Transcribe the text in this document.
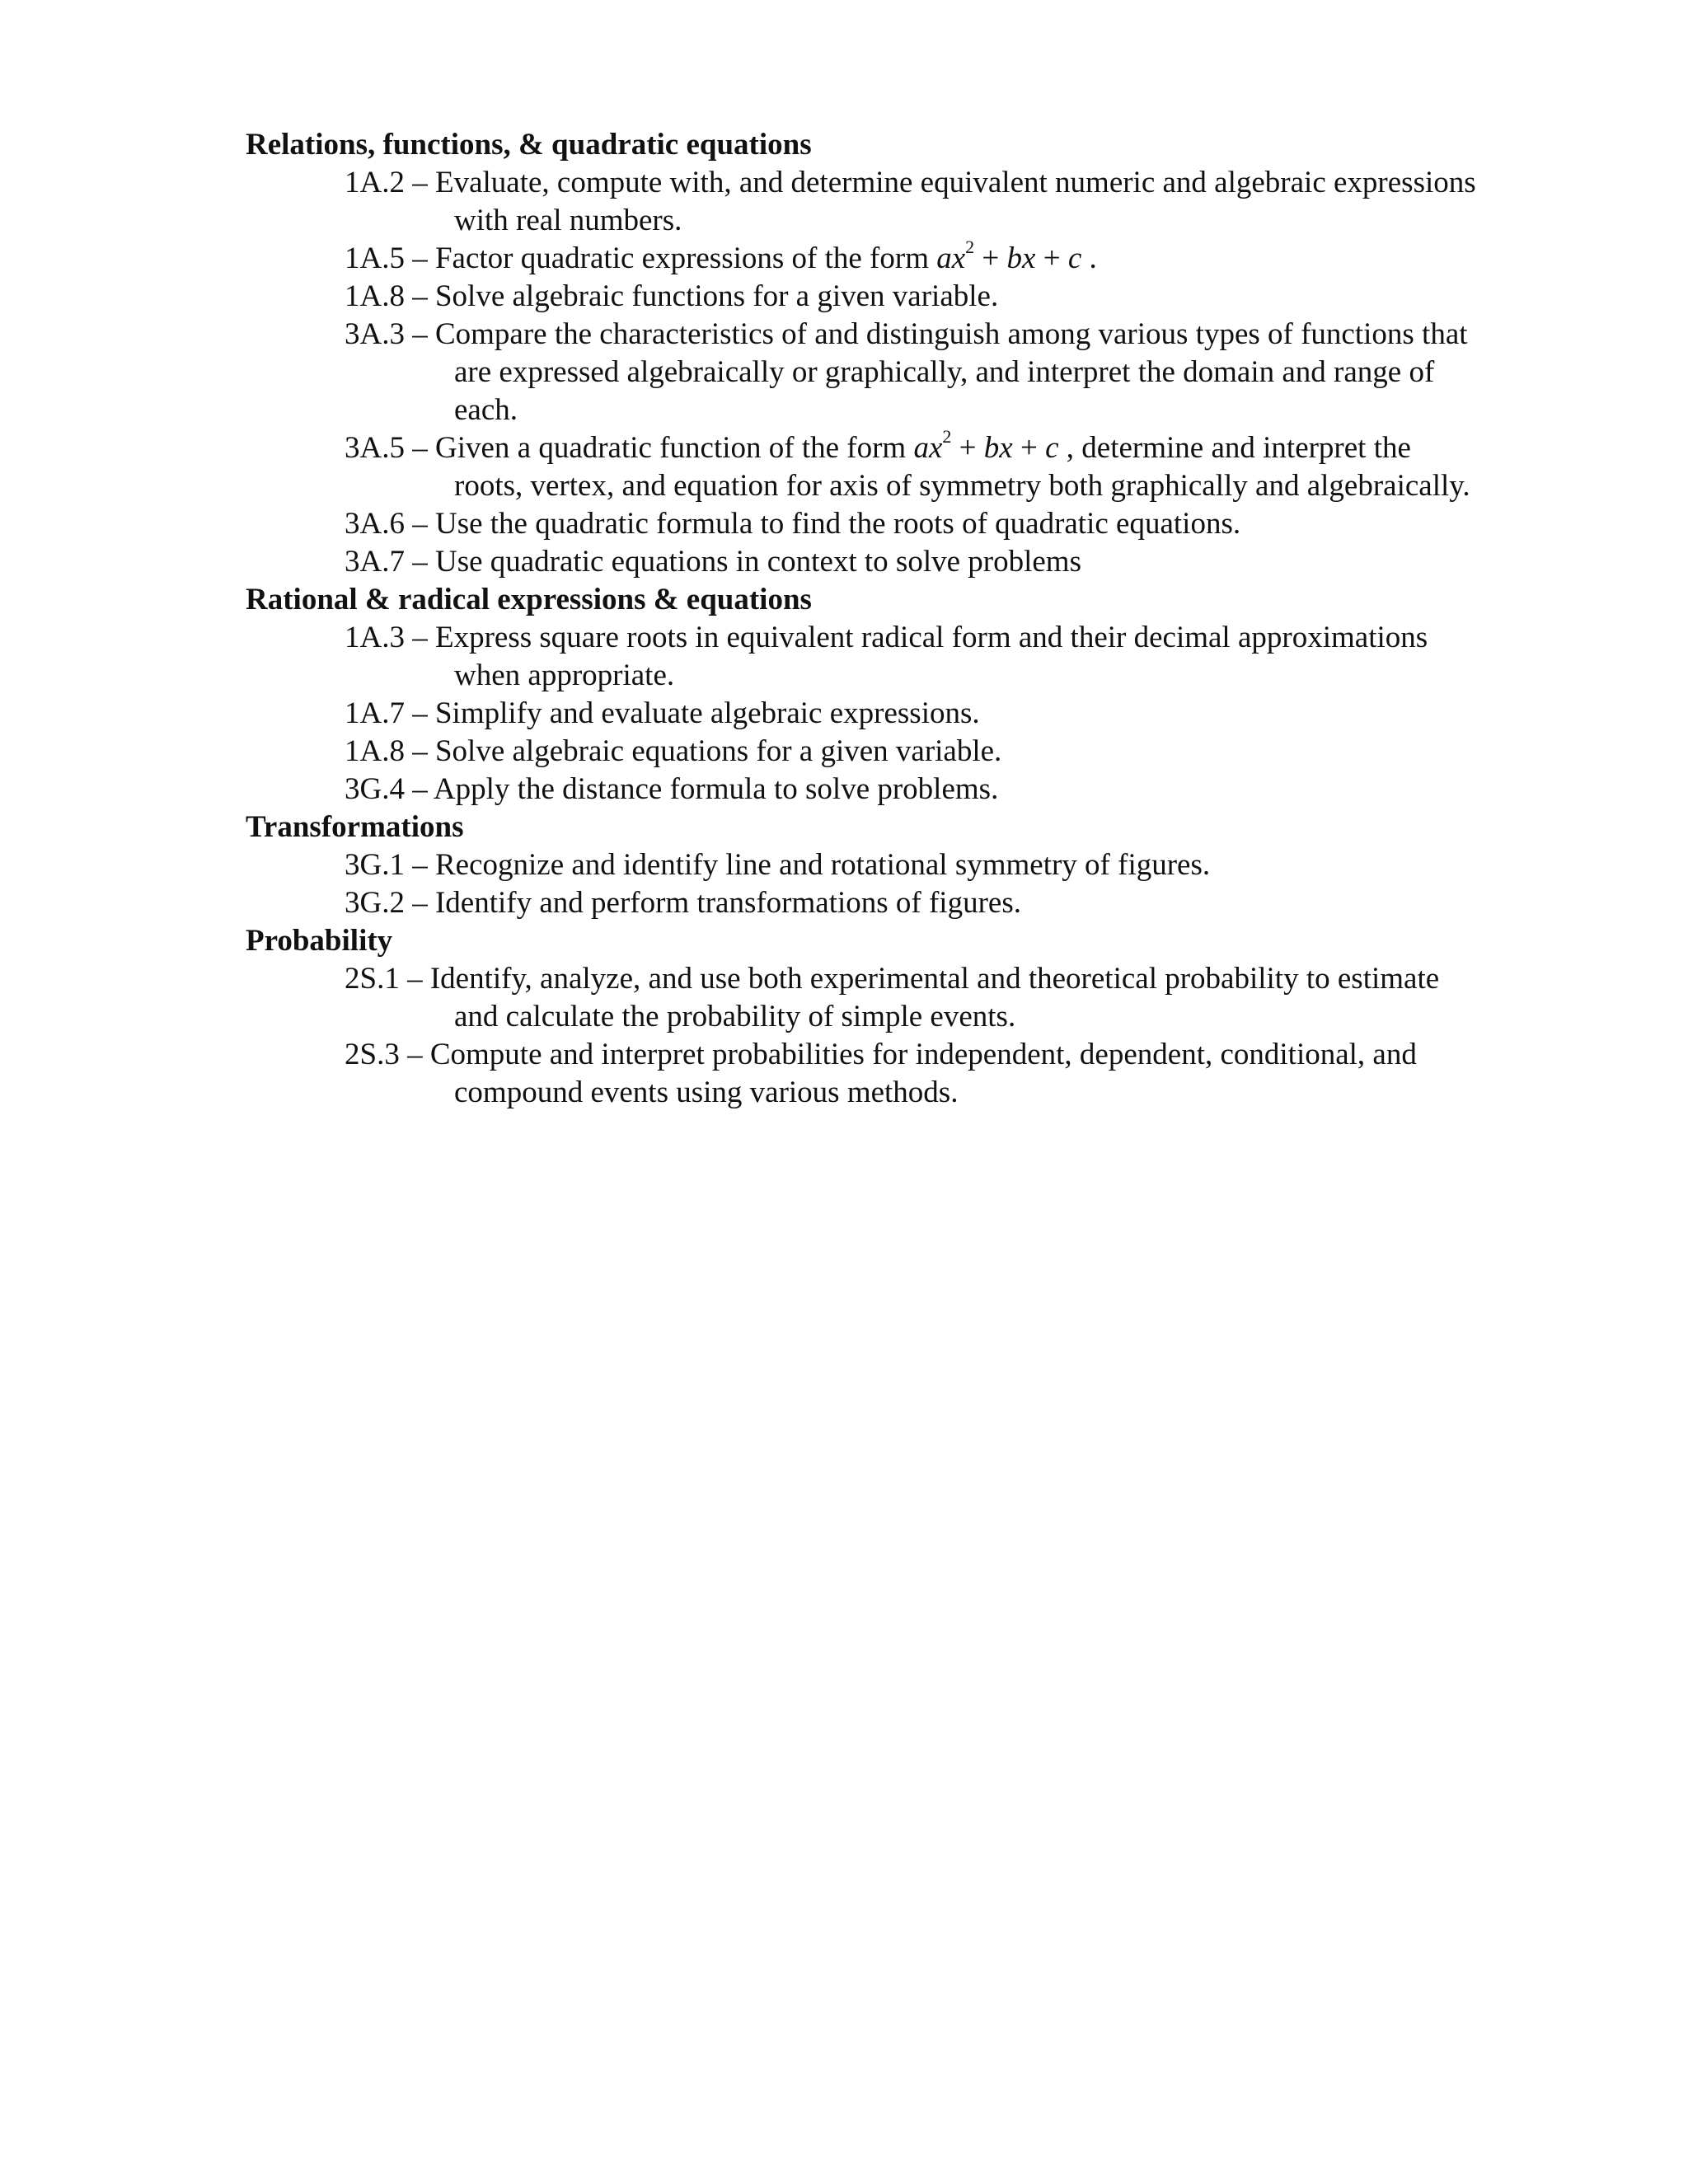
Relations, functions, & quadratic equations

1A.2 – Evaluate, compute with, and determine equivalent numeric and algebraic expressions
with real numbers.
1A.5 – Factor quadratic expressions of the form $ax^2$ + bx + c .
1A.8 – Solve algebraic functions for a given variable.
3A.3 – Compare the characteristics of and distinguish among various types of functions that
are expressed algebraically or graphically, and interpret the domain and range of
each.
3A.5 – Given a quadratic function of the form $ax^2$ + bx + c , determine and interpret the
roots, vertex, and equation for axis of symmetry both graphically and algebraically.
3A.6 – Use the quadratic formula to find the roots of quadratic equations.
3A.7 – Use quadratic equations in context to solve problems

Rational & radical expressions & equations

1A.3 – Express square roots in equivalent radical form and their decimal approximations
when appropriate.
1A.7 – Simplify and evaluate algebraic expressions.
1A.8 – Solve algebraic equations for a given variable.
3G.4 – Apply the distance formula to solve problems.

Transformations

3G.1 – Recognize and identify line and rotational symmetry of figures.
3G.2 – Identify and perform transformations of figures.

Probability

2S.1 – Identify, analyze, and use both experimental and theoretical probability to estimate
and calculate the probability of simple events.
2S.3 – Compute and interpret probabilities for independent, dependent, conditional, and
compound events using various methods.
